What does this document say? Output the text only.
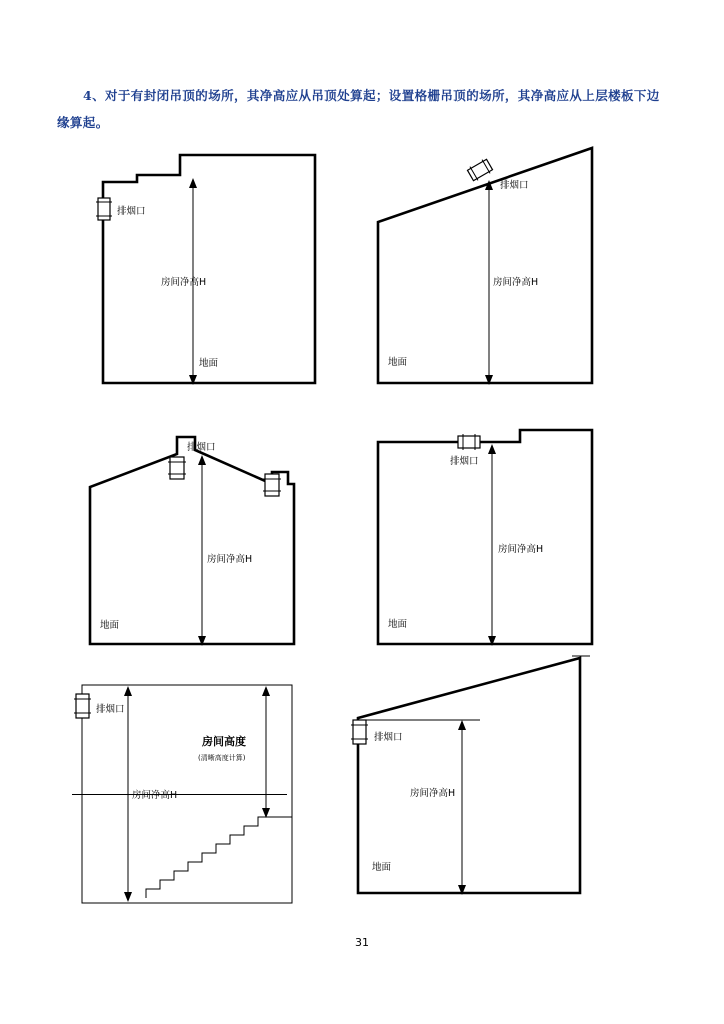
4、对于有封闭吊顶的场所，其净高应从吊顶处算起；设置格栅吊顶的场所，其净高应从上层楼板下边缘算起。
排烟口
房间净高H
地面
排烟口
房间净高H
地面
排烟口
房间净高H
地面
排烟口
房间净高H
地面
排烟口
房间高度
(清晰高度计算)
房间净高H
排烟口
房间净高H
地面
31
